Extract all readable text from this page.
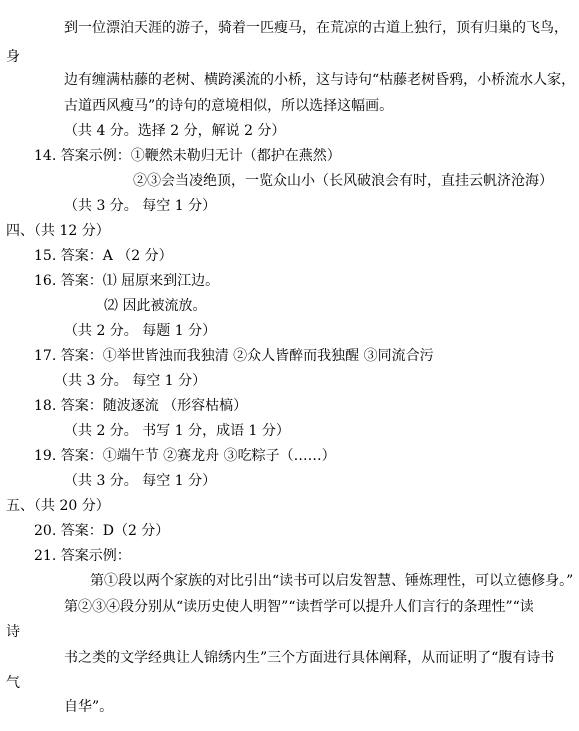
到一位漂泊天涯的游子，骑着一匹瘦马，在荒凉的古道上独行，顶有归巢的飞鸟，
身
边有缠满枯藤的老树、横跨溪流的小桥，这与诗句“枯藤老树昏鸦，小桥流水人家，
古道西风瘦马”的诗句的意境相似，所以选择这幅画。
（共 4 分。选择 2 分，解说 2 分）
14. 答案示例：①鞭然未勒归无计（都护在燕然）
②③会当凌绝顶，一览众山小（长风破浪会有时，直挂云帆济沧海）
（共 3 分。 每空 1 分）
四、（共 12 分）
15. 答案：A （2 分）
16. 答案：⑴ 屈原来到江边。
⑵ 因此被流放。
（共 2 分。 每题 1 分）
17. 答案：①举世皆浊而我独清 ②众人皆醉而我独醒 ③同流合污
（共 3 分。 每空 1 分）
18. 答案：随波逐流 （形容枯槁）
（共 2 分。 书写 1 分，成语 1 分）
19. 答案：①端午节 ②赛龙舟 ③吃粽子（……）
（共 3 分。 每空 1 分）
五、（共 20 分）
20. 答案：D（2 分）
21. 答案示例：
第①段以两个家族的对比引出“读书可以启发智慧、锤炼理性，可以立德修身。”
第②③④段分别从“读历史使人明智”“读哲学可以提升人们言行的条理性”“读
诗
书之类的文学经典让人锦绣内生”三个方面进行具体阐释，从而证明了“腹有诗书
气
自华”。
